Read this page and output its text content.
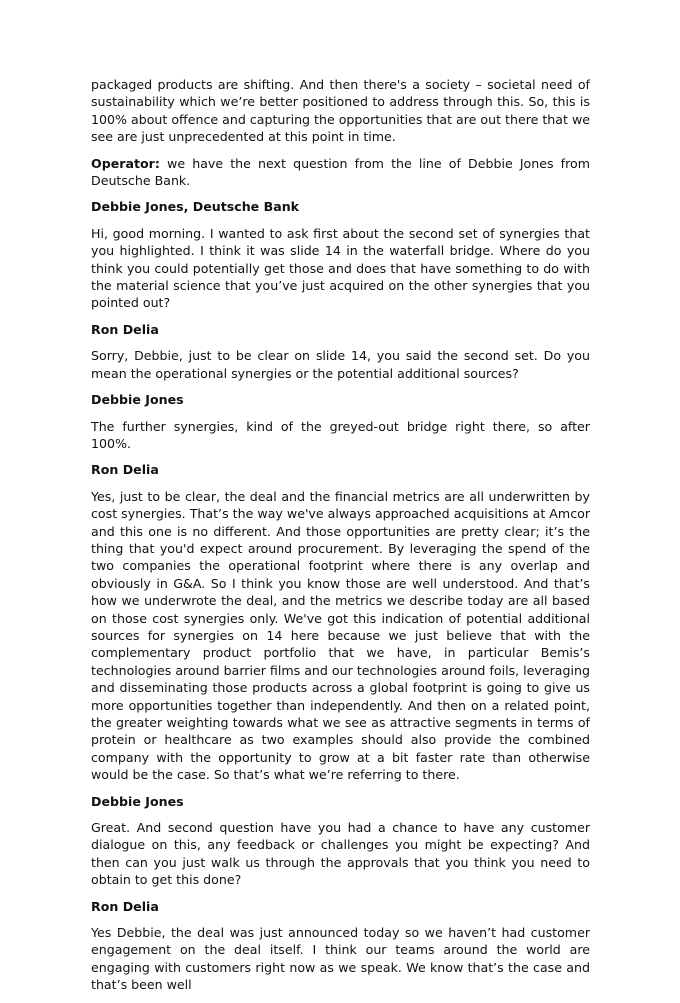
packaged products are shifting. And then there's a society – societal need of sustainability which we’re better positioned to address through this. So, this is 100% about offence and capturing the opportunities that are out there that we see are just unprecedented at this point in time.

Operator: we have the next question from the line of Debbie Jones from Deutsche Bank.

Debbie Jones, Deutsche Bank

Hi, good morning. I wanted to ask first about the second set of synergies that you highlighted. I think it was slide 14 in the waterfall bridge. Where do you think you could potentially get those and does that have something to do with the material science that you’ve just acquired on the other synergies that you pointed out?

Ron Delia

Sorry, Debbie, just to be clear on slide 14, you said the second set. Do you mean the operational synergies or the potential additional sources?

Debbie Jones

The further synergies, kind of the greyed-out bridge right there, so after 100%.

Ron Delia

Yes, just to be clear, the deal and the financial metrics are all underwritten by cost synergies. That’s the way we've always approached acquisitions at Amcor and this one is no different. And those opportunities are pretty clear; it’s the thing that you'd expect around procurement. By leveraging the spend of the two companies the operational footprint where there is any overlap and obviously in G&A. So I think you know those are well understood. And that’s how we underwrote the deal, and the metrics we describe today are all based on those cost synergies only. We've got this indication of potential additional sources for synergies on 14 here because we just believe that with the complementary product portfolio that we have, in particular Bemis’s technologies around barrier films and our technologies around foils, leveraging and disseminating those products across a global footprint is going to give us more opportunities together than independently. And then on a related point, the greater weighting towards what we see as attractive segments in terms of protein or healthcare as two examples should also provide the combined company with the opportunity to grow at a bit faster rate than otherwise would be the case. So that’s what we’re referring to there.

Debbie Jones

Great. And second question have you had a chance to have any customer dialogue on this, any feedback or challenges you might be expecting? And then can you just walk us through the approvals that you think you need to obtain to get this done?

Ron Delia

Yes Debbie, the deal was just announced today so we haven’t had customer engagement on the deal itself. I think our teams around the world are engaging with customers right now as we speak. We know that’s the case and that’s been well
